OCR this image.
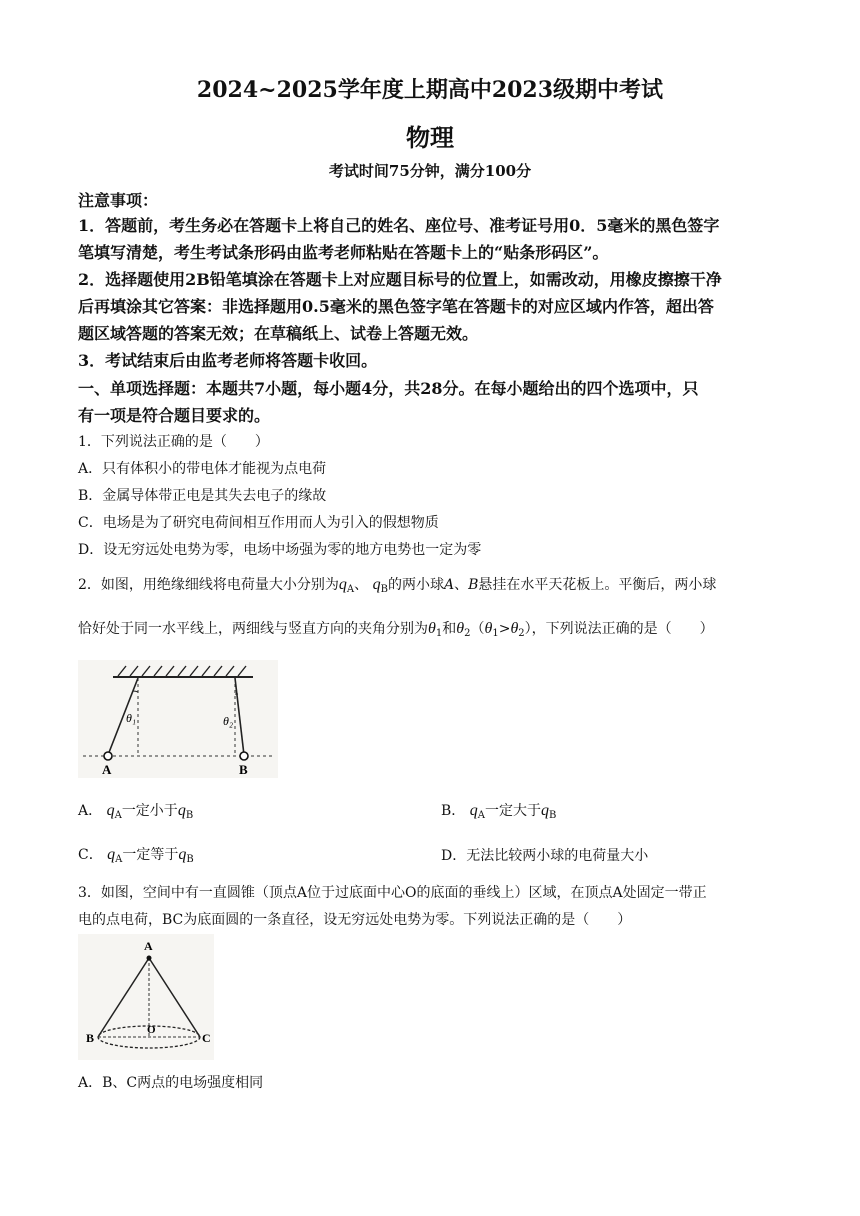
2024~2025学年度上期高中2023级期中考试
物理
考试时间75分钟，满分100分
注意事项：
1．答题前，考生务必在答题卡上将自己的姓名、座位号、准考证号用0．5毫米的黑色签字
笔填写清楚，考生考试条形码由监考老师粘贴在答题卡上的“贴条形码区”。
2．选择题使用2B铅笔填涂在答题卡上对应题目标号的位置上，如需改动，用橡皮擦擦干净
后再填涂其它答案：非选择题用0.5毫米的黑色签字笔在答题卡的对应区域内作答，超出答
题区域答题的答案无效；在草稿纸上、试卷上答题无效。
3．考试结束后由监考老师将答题卡收回。
一、单项选择题：本题共7小题，每小题4分，共28分。在每小题给出的四个选项中，只
有一项是符合题目要求的。
1．下列说法正确的是（　　）
A．只有体积小的带电体才能视为点电荷
B．金属导体带正电是其失去电子的缘故
C．电场是为了研究电荷间相互作用而人为引入的假想物质
D．设无穷远处电势为零，电场中场强为零的地方电势也一定为零
2．如图，用绝缘细线将电荷量大小分别为$q_A$、 $q_B$的两小球A、B悬挂在水平天花板上。平衡后，两小球
恰好处于同一水平线上，两细线与竖直方向的夹角分别为$\theta_1$和$\theta_2(\theta_1>\theta_2)$，下列说法正确的是（　　）
θ₁	θ₂
A	B
A． $q_A$一定小于$q_B$	B． $q_A$一定大于$q_B$
C． $q_A$一定等于$q_B$	D．无法比较两小球的电荷量大小
3．如图，空间中有一直圆锥（顶点A位于过底面中心O的底面的垂线上）区域，在顶点A处固定一带正
电的点电荷，BC为底面圆的一条直径，设无穷远处电势为零。下列说法正确的是（　　）
A
B	C
O
A．B、C两点的电场强度相同
